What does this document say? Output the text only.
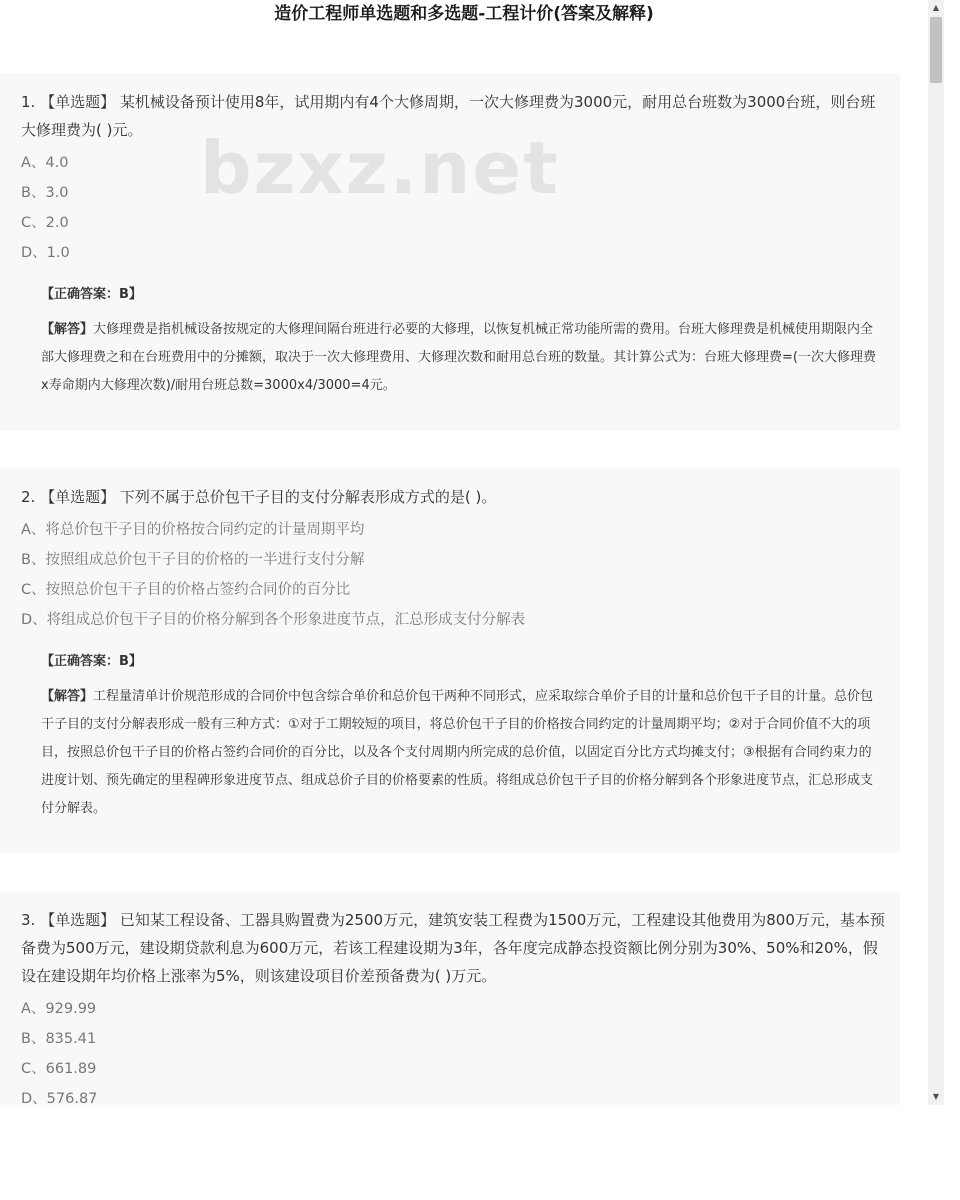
造价工程师单选题和多选题-工程计价(答案及解释)

1. 【单选题】 某机械设备预计使用8年，试用期内有4个大修周期，一次大修理费为3000元，耐用总台班数为3000台班，则台班大修理费为( )元。

A、4.0
B、3.0
C、2.0
D、1.0
【正确答案：B】
【解答】大修理费是指机械设备按规定的大修理间隔台班进行必要的大修理，以恢复机械正常功能所需的费用。台班大修理费是机械使用期限内全部大修理费之和在台班费用中的分摊额，取决于一次大修理费用、大修理次数和耐用总台班的数量。其计算公式为：台班大修理费=(一次大修理费x寿命期内大修理次数)/耐用台班总数=3000x4/3000=4元。
bzxz.net

2. 【单选题】 下列不属于总价包干子目的支付分解表形成方式的是( )。

A、将总价包干子目的价格按合同约定的计量周期平均
B、按照组成总价包干子目的价格的一半进行支付分解
C、按照总价包干子目的价格占签约合同价的百分比
D、将组成总价包干子目的价格分解到各个形象进度节点，汇总形成支付分解表
【正确答案：B】
【解答】工程量清单计价规范形成的合同价中包含综合单价和总价包干两种不同形式，应采取综合单价子目的计量和总价包干子目的计量。总价包干子目的支付分解表形成一般有三种方式：①对于工期较短的项目，将总价包干子目的价格按合同约定的计量周期平均；②对于合同价值不大的项目，按照总价包干子目的价格占签约合同价的百分比，以及各个支付周期内所完成的总价值，以固定百分比方式均摊支付；③根据有合同约束力的进度计划、预先确定的里程碑形象进度节点、组成总价子目的价格要素的性质。将组成总价包干子目的价格分解到各个形象进度节点，汇总形成支付分解表。

3. 【单选题】 已知某工程设备、工器具购置费为2500万元，建筑安装工程费为1500万元，工程建设其他费用为800万元，基本预备费为500万元，建设期贷款利息为600万元，若该工程建设期为3年，各年度完成静态投资额比例分别为30%、50%和20%，假设在建设期年均价格上涨率为5%，则该建设项目价差预备费为( )万元。

A、929.99
B、835.41
C、661.89
D、576.87
▲
▼
